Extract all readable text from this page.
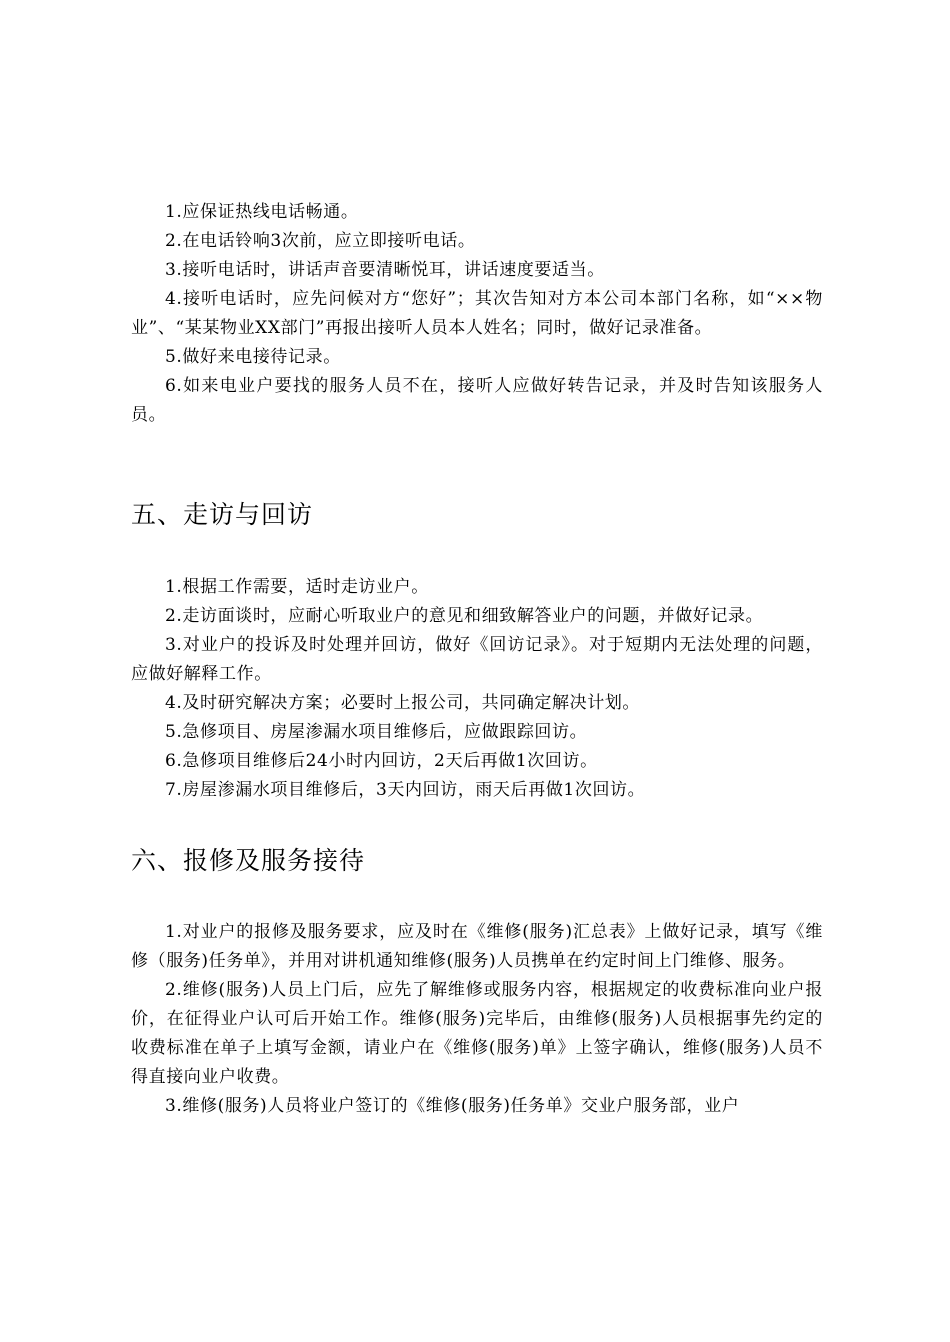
1.应保证热线电话畅通。

2.在电话铃响3次前，应立即接听电话。

3.接听电话时，讲话声音要清晰悦耳，讲话速度要适当。

4.接听电话时，应先问候对方“您好”；其次告知对方本公司本部门名称，如“××物业”、“某某物业XX部门”再报出接听人员本人姓名；同时，做好记录准备。

5.做好来电接待记录。

6.如来电业户要找的服务人员不在，接听人应做好转告记录，并及时告知该服务人员。

五、走访与回访

1.根据工作需要，适时走访业户。

2.走访面谈时，应耐心听取业户的意见和细致解答业户的问题，并做好记录。

3.对业户的投诉及时处理并回访，做好《回访记录》。对于短期内无法处理的问题，应做好解释工作。

4.及时研究解决方案；必要时上报公司，共同确定解决计划。

5.急修项目、房屋渗漏水项目维修后，应做跟踪回访。

6.急修项目维修后24小时内回访，2天后再做1次回访。

7.房屋渗漏水项目维修后，3天内回访，雨天后再做1次回访。

六、报修及服务接待

1.对业户的报修及服务要求，应及时在《维修(服务)汇总表》上做好记录，填写《维修（服务)任务单》，并用对讲机通知维修(服务)人员携单在约定时间上门维修、服务。

2.维修(服务)人员上门后，应先了解维修或服务内容，根据规定的收费标准向业户报价，在征得业户认可后开始工作。维修(服务)完毕后，由维修(服务)人员根据事先约定的收费标准在单子上填写金额，请业户在《维修(服务)单》上签字确认，维修(服务)人员不得直接向业户收费。

3.维修(服务)人员将业户签订的《维修(服务)任务单》交业户服务部，业户
